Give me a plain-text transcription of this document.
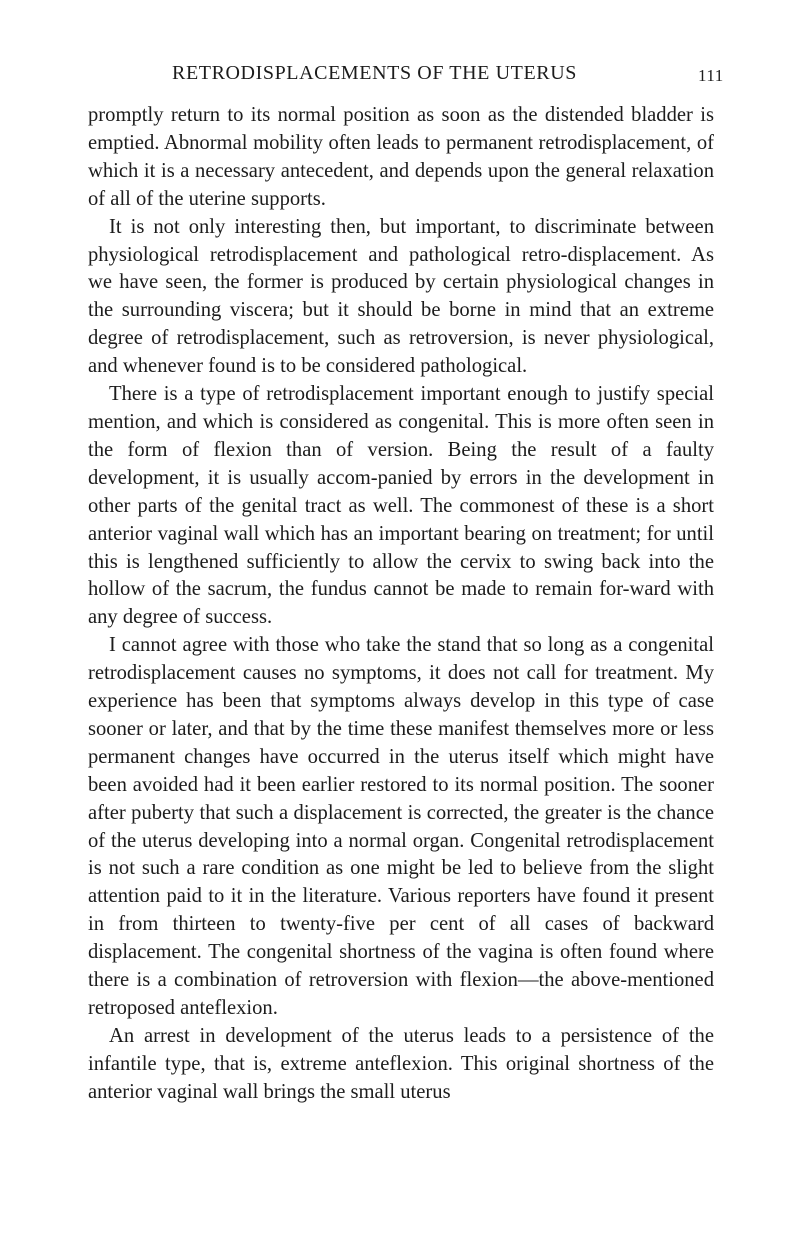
RETRODISPLACEMENTS OF THE UTERUS	111

promptly return to its normal position as soon as the distended bladder is emptied. Abnormal mobility often leads to permanent retrodisplacement, of which it is a necessary antecedent, and depends upon the general relaxation of all of the uterine supports.

It is not only interesting then, but important, to discriminate between physiological retrodisplacement and pathological retro-displacement. As we have seen, the former is produced by certain physiological changes in the surrounding viscera; but it should be borne in mind that an extreme degree of retrodisplacement, such as retroversion, is never physiological, and whenever found is to be considered pathological.

There is a type of retrodisplacement important enough to justify special mention, and which is considered as congenital. This is more often seen in the form of flexion than of version. Being the result of a faulty development, it is usually accom-panied by errors in the development in other parts of the genital tract as well. The commonest of these is a short anterior vaginal wall which has an important bearing on treatment; for until this is lengthened sufficiently to allow the cervix to swing back into the hollow of the sacrum, the fundus cannot be made to remain for-ward with any degree of success.

I cannot agree with those who take the stand that so long as a congenital retrodisplacement causes no symptoms, it does not call for treatment. My experience has been that symptoms always develop in this type of case sooner or later, and that by the time these manifest themselves more or less permanent changes have occurred in the uterus itself which might have been avoided had it been earlier restored to its normal position. The sooner after puberty that such a displacement is corrected, the greater is the chance of the uterus developing into a normal organ. Congenital retrodisplacement is not such a rare condition as one might be led to believe from the slight attention paid to it in the literature. Various reporters have found it present in from thirteen to twenty-five per cent of all cases of backward displacement. The congenital shortness of the vagina is often found where there is a combination of retroversion with flexion—the above-mentioned retroposed anteflexion.

An arrest in development of the uterus leads to a persistence of the infantile type, that is, extreme anteflexion. This original shortness of the anterior vaginal wall brings the small uterus
